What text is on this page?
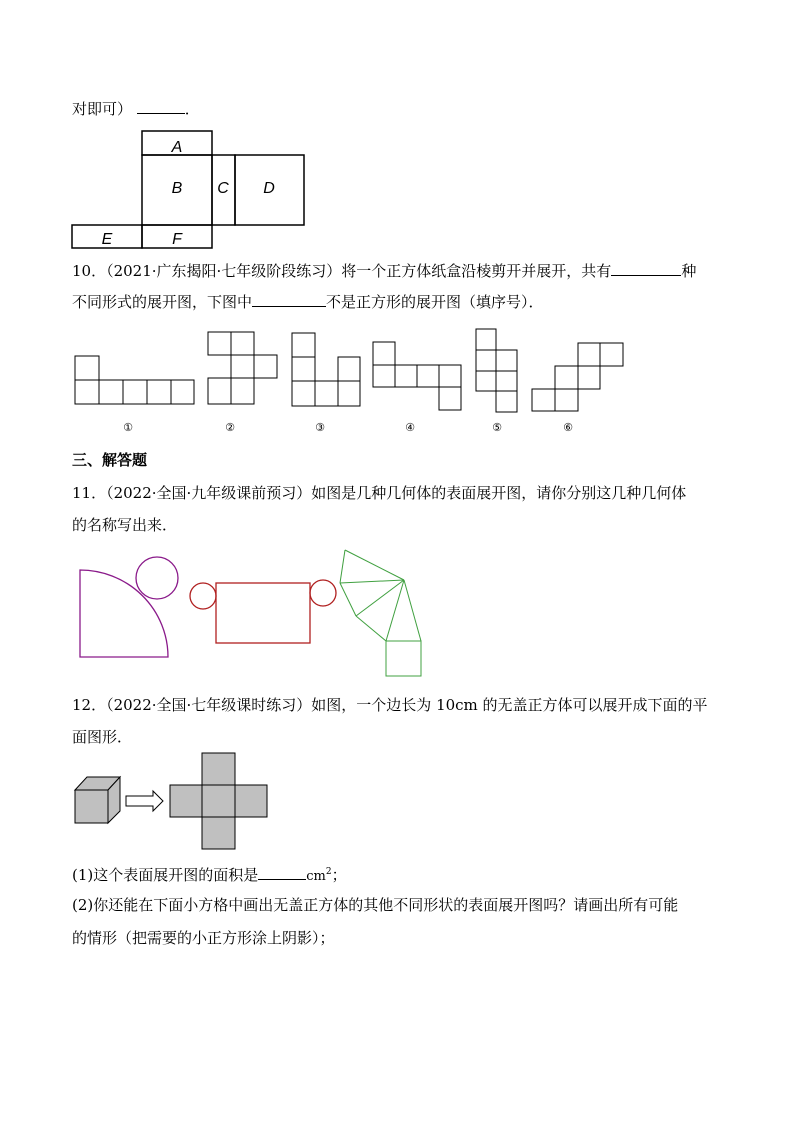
对即可）	．
A
B C D
E	F
10．（2021·广东揭阳·七年级阶段练习）将一个正方体纸盒沿棱剪开并展开，共有	种
不同形式的展开图，下图中	不是正方形的展开图（填序号）．
①	②	③	④	⑤	⑥
三、解答题
11．（2022·全国·九年级课前预习）如图是几种几何体的表面展开图，请你分别这几种几何体
的名称写出来．
12．（2022·全国·七年级课时练习）如图，一个边长为 10cm 的无盖正方体可以展开成下面的平
面图形．
(1)这个表面展开图的面积是	$cm^2$；
(2)你还能在下面小方格中画出无盖正方体的其他不同形状的表面展开图吗？请画出所有可能
的情形（把需要的小正方形涂上阴影）；
